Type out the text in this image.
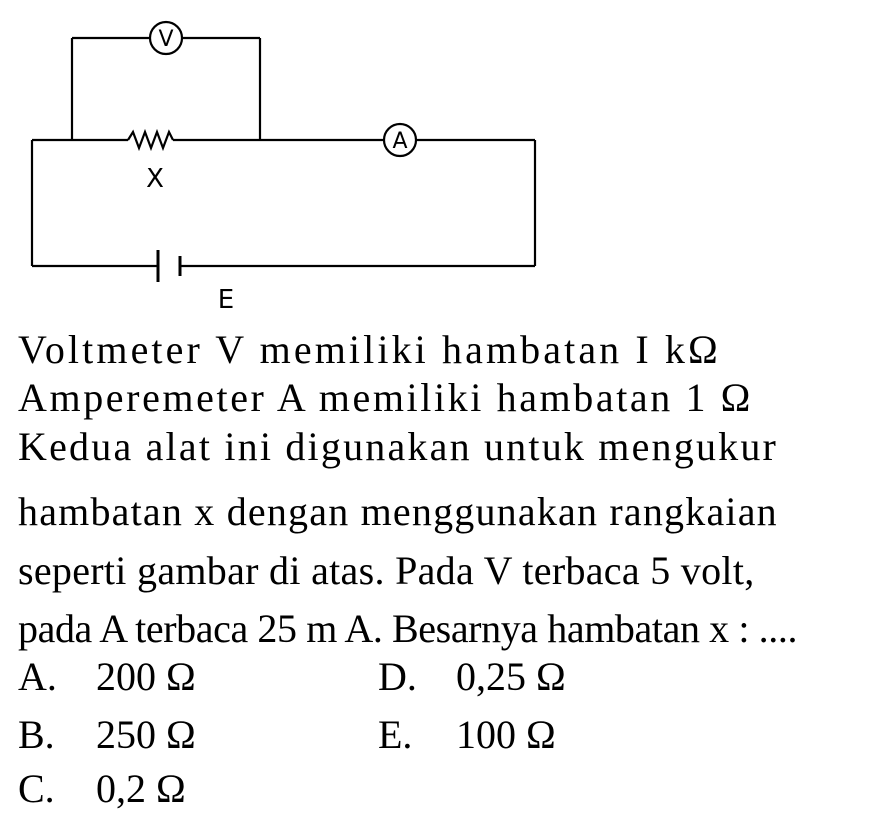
V
A
X
E
Voltmeter V memiliki hambatan I kΩ
Amperemeter A memiliki hambatan 1 Ω
Kedua alat ini digunakan untuk mengukur
hambatan x dengan menggunakan rangkaian
seperti gambar di atas. Pada V terbaca 5 volt,
pada A terbaca 25 m A. Besarnya hambatan x : ....
A. 200 Ω
B. 250 Ω
C. 0,2 Ω
D. 0,25 Ω
E. 100 Ω
